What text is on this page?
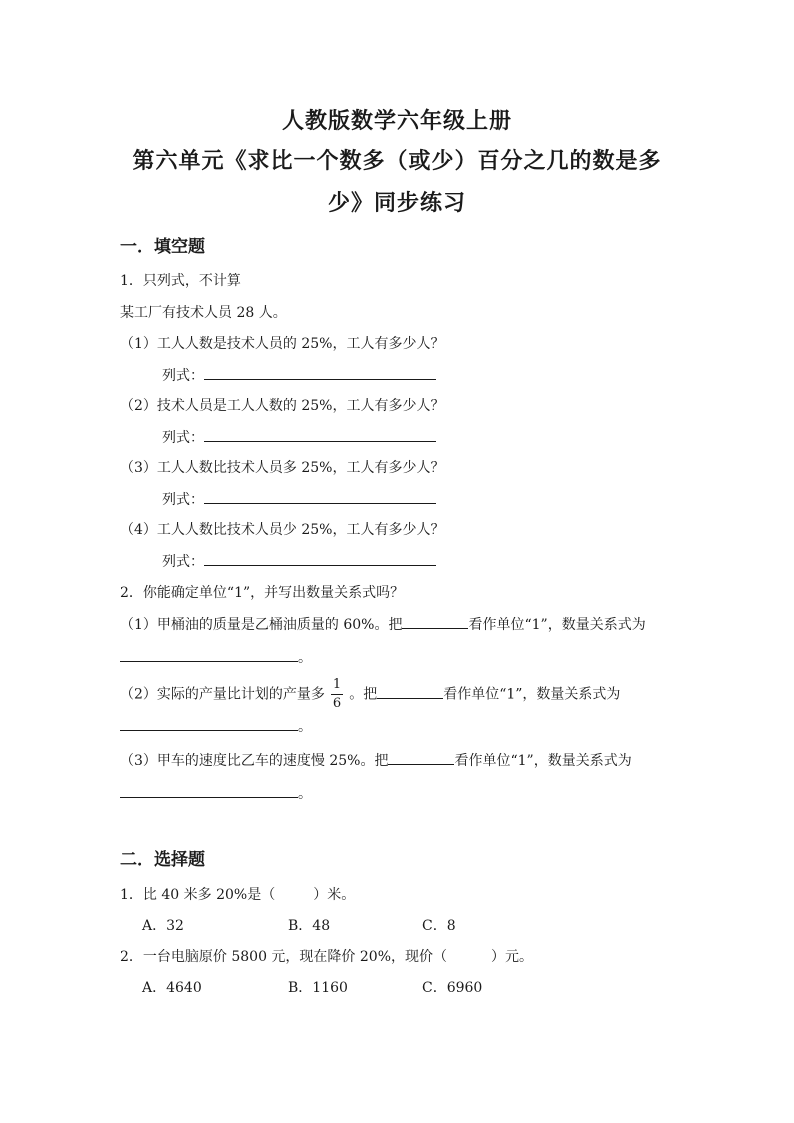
人教版数学六年级上册
第六单元《求比一个数多（或少）百分之几的数是多
少》同步练习
一．填空题
1．只列式，不计算
某工厂有技术人员 28 人。
（1）工人人数是技术人员的 25%，工人有多少人？
列式：
（2）技术人员是工人人数的 25%，工人有多少人？
列式：
（3）工人人数比技术人员多 25%，工人有多少人？
列式：
（4）工人人数比技术人员少 25%，工人有多少人？
列式：
2．你能确定单位“1”，并写出数量关系式吗？
（1）甲桶油的质量是乙桶油质量的 60%。把	看作单位“1”，数量关系式为
。
（2）实际的产量比计划的产量多 $\frac{1}{6}$ 。把	看作单位“1”，数量关系式为
。
（3）甲车的速度比乙车的速度慢 25%。把	看作单位“1”，数量关系式为
。
二．选择题
1．比 40 米多 20%是（	）米。
A．32	B．48	C．8
2．一台电脑原价 5800 元，现在降价 20%，现价（	）元。
A．4640	B．1160	C．6960
